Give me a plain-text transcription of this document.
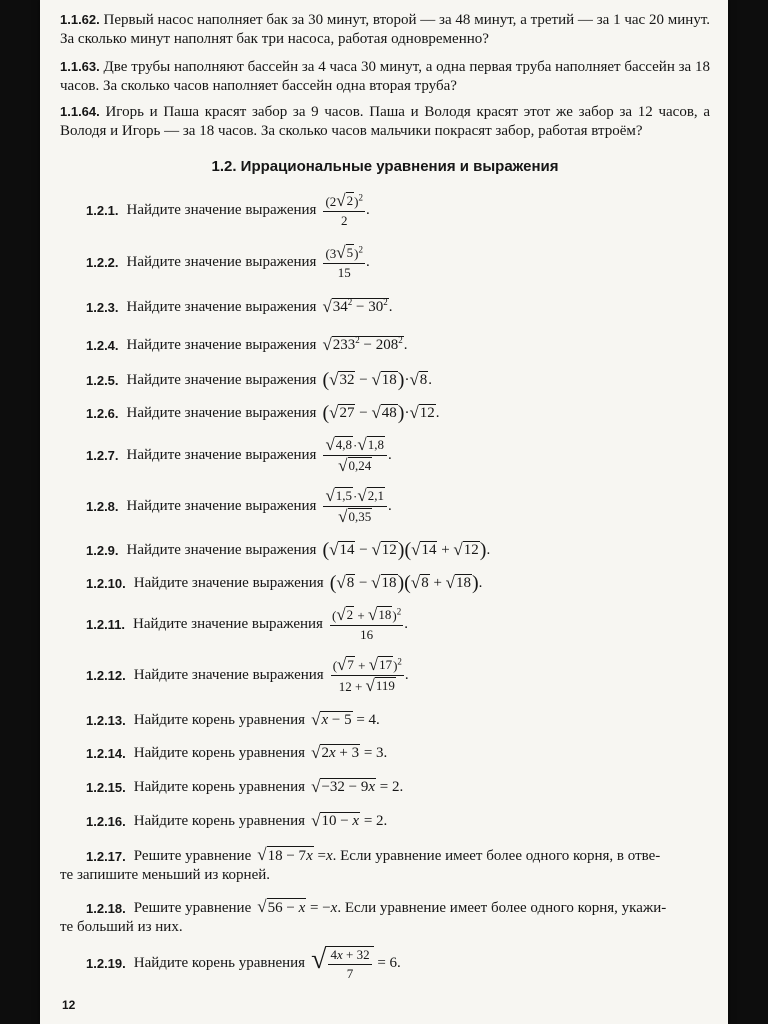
1.1.62. Первый насос наполняет бак за 30 минут, второй — за 48 минут, а третий — за 1 час 20 минут. За сколько минут наполнят бак три насоса, работая одновременно?
1.1.63. Две трубы наполняют бассейн за 4 часа 30 минут, а одна первая труба наполняет бассейн за 18 часов. За сколько часов наполняет бассейн одна вторая труба?
1.1.64. Игорь и Паша красят забор за 9 часов. Паша и Володя красят этот же забор за 12 часов, а Володя и Игорь — за 18 часов. За сколько часов мальчики покрасят забор, работая втроём?
1.2. Иррациональные уравнения и выражения
1.2.1. Найдите значение выражения $\frac{(2 √ 2 )^2}{2}$ .
1.2.2. Найдите значение выражения $\frac{(3 √ 5 )^2}{15}$ .
1.2.3. Найдите значение выражения √ $34^2 - 30^2$ .
1.2.4. Найдите значение выражения √ $233^2 - 208^2$ .
1.2.5. Найдите значение выражения ( √ 32 − √ 18 ) · √ 8 .
1.2.6. Найдите значение выражения ( √ 27 − √ 48 ) · √ 12 .
1.2.7. Найдите значение выражения $\frac{√ 4,8 \cdot √ 1,8}{√ 0,24}$ .
1.2.8. Найдите значение выражения $\frac{√ 1,5 \cdot √ 2,1}{√ 0,35}$ .
1.2.9. Найдите значение выражения ( √ 14 − √ 12 )( √ 14 + √ 12 ) .
1.2.10. Найдите значение выражения ( √ 8 − √ 18 )( √ 8 + √ 18 ) .
1.2.11. Найдите значение выражения $\frac{( √ 2 + √ 18 )^2}{16}$ .
1.2.12. Найдите значение выражения $\frac{( √ 7 + √ 17 )^2}{12 + √ 119}$ .
1.2.13. Найдите корень уравнения √ x − 5 = 4.
1.2.14. Найдите корень уравнения √ 2x + 3 = 3.
1.2.15. Найдите корень уравнения √ −32 − 9x = 2.
1.2.16. Найдите корень уравнения √ 10 − x = 2.
1.2.17. Решите уравнение √ 18 − 7x = x . Если уравнение имеет более одного корня, в отве-
те запишите меньший из корней.
1.2.18. Решите уравнение √ 56 − x = − x . Если уравнение имеет более одного корня, укажи-
те больший из них.
1.2.19. Найдите корень уравнения √ $\frac{4x + 32}{7} = 6$.
12
